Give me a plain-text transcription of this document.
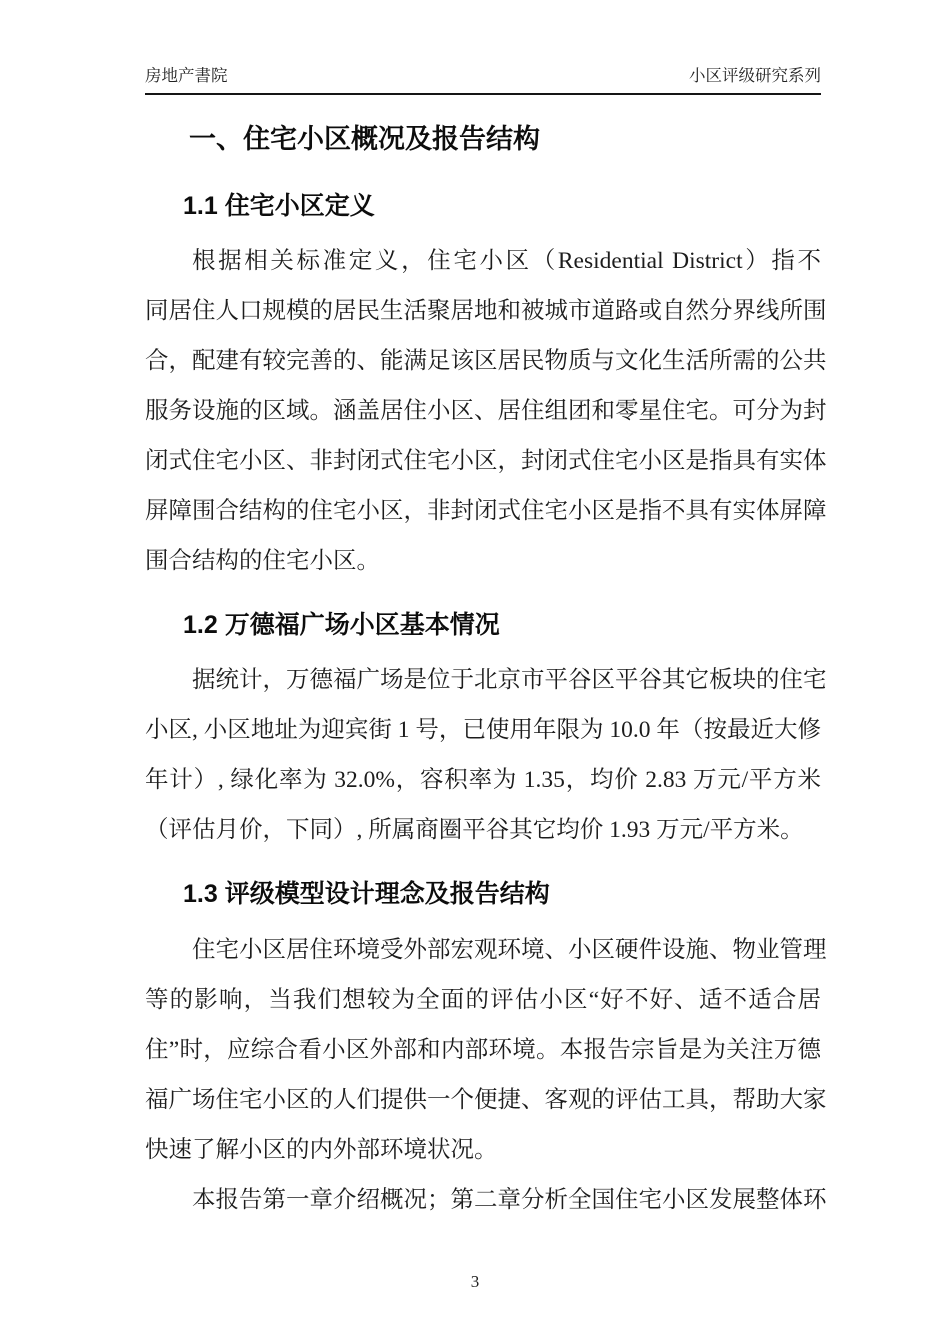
房地产書院	小区评级研究系列
一、住宅小区概况及报告结构
1.1 住宅小区定义
根据相关标准定义，住宅小区（Residential District）指不
同居住人口规模的居民生活聚居地和被城市道路或自然分界线所围
合，配建有较完善的、能满足该区居民物质与文化生活所需的公共
服务设施的区域。涵盖居住小区、居住组团和零星住宅。可分为封
闭式住宅小区、非封闭式住宅小区，封闭式住宅小区是指具有实体
屏障围合结构的住宅小区，非封闭式住宅小区是指不具有实体屏障
围合结构的住宅小区。
1.2 万德福广场小区基本情况
据统计，万德福广场是位于北京市平谷区平谷其它板块的住宅
小区, 小区地址为迎宾街 1 号，已使用年限为 10.0 年（按最近大修
年计）, 绿化率为 32.0%，容积率为 1.35，均价 2.83 万元/平方米
（评估月价，下同）, 所属商圈平谷其它均价 1.93 万元/平方米。
1.3 评级模型设计理念及报告结构
住宅小区居住环境受外部宏观环境、小区硬件设施、物业管理
等的影响，当我们想较为全面的评估小区“好不好、适不适合居
住”时，应综合看小区外部和内部环境。本报告宗旨是为关注万德
福广场住宅小区的人们提供一个便捷、客观的评估工具，帮助大家
快速了解小区的内外部环境状况。
本报告第一章介绍概况；第二章分析全国住宅小区发展整体环
3
